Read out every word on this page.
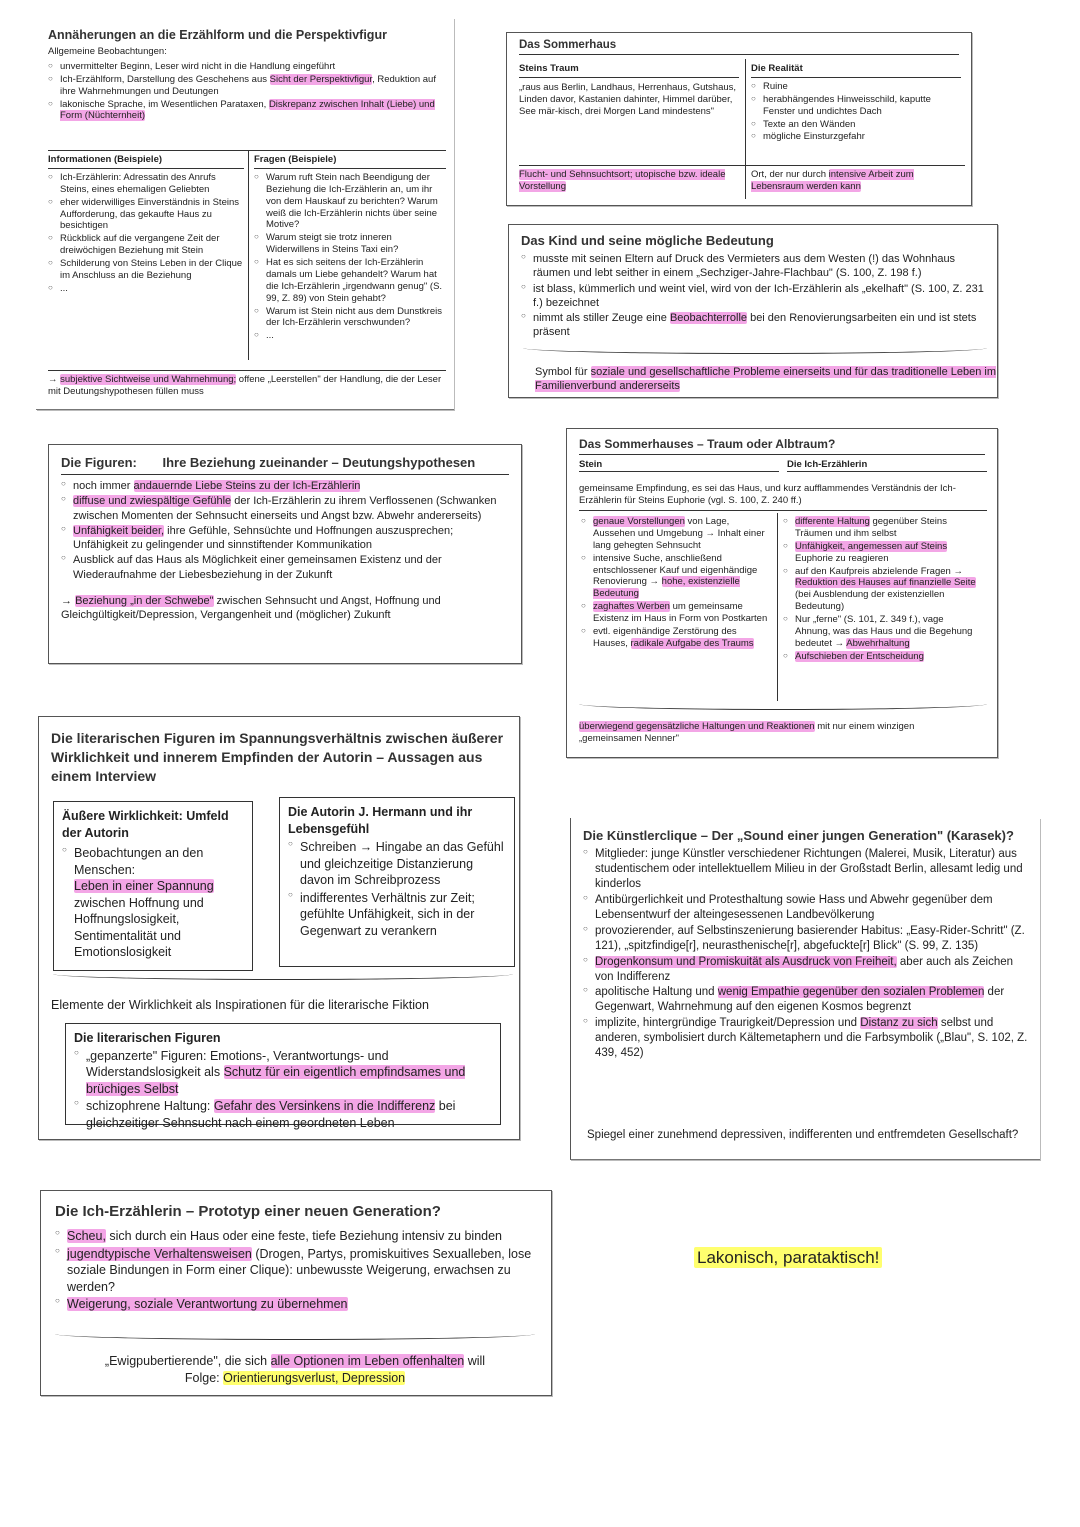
Annäherungen an die Erzählform und die Perspektivfigur
Allgemeine Beobachtungen:
○ unvermittelter Beginn, Leser wird nicht in die Handlung eingeführt
○ Ich-Erzählform, Darstellung des Geschehens aus Sicht der Perspektivfigur, Reduktion auf ihre Wahrnehmungen und Deutungen
○ lakonische Sprache, im Wesentlichen Parataxen, Diskrepanz zwischen Inhalt (Liebe) und Form (Nüchternheit)
Informationen (Beispiele)
○ Ich-Erzählerin: Adressatin des Anrufs Steins, eines ehemaligen Geliebten
○ eher widerwilliges Einverständnis in Steins Aufforderung, das gekaufte Haus zu besichtigen
○ Rückblick auf die vergangene Zeit der dreiwöchigen Beziehung mit Stein
○ Schilderung von Steins Leben in der Clique im Anschluss an die Beziehung
○ ...
Fragen (Beispiele)
○ Warum ruft Stein nach Beendigung der Beziehung die Ich-Erzählerin an, um ihr von dem Hauskauf zu berichten? Warum weiß die Ich-Erzählerin nichts über seine Motive?
○ Warum steigt sie trotz inneren Widerwillens in Steins Taxi ein?
○ Hat es sich seitens der Ich-Erzählerin damals um Liebe gehandelt? Warum hat die Ich-Erzählerin „irgendwann genug" (S. 99, Z. 89) von Stein gehabt?
○ Warum ist Stein nicht aus dem Dunstkreis der Ich-Erzählerin verschwunden?
○ ...
→ subjektive Sichtweise und Wahrnehmung; offene „Leerstellen" der Handlung, die der Leser mit Deutungshypothesen füllen muss
Das Sommerhaus
Steins Traum
„raus aus Berlin, Landhaus, Herrenhaus, Gutshaus, Linden davor, Kastanien dahinter, Himmel darüber, See mär-kisch, drei Morgen Land mindestens"
Die Realität
○ Ruine
○ herabhängendes Hinweisschild, kaputte Fenster und undichtes Dach
○ Texte an den Wänden
○ mögliche Einsturzgefahr
Flucht- und Sehnsuchtsort; utopische bzw. ideale Vorstellung
Ort, der nur durch intensive Arbeit zum Lebensraum werden kann
Das Kind und seine mögliche Bedeutung
○ musste mit seinen Eltern auf Druck des Vermieters aus dem Westen (!) das Wohnhaus räumen und lebt seither in einem „Sechziger-Jahre-Flachbau" (S. 100, Z. 198 f.)
○ ist blass, kümmerlich und weint viel, wird von der Ich-Erzählerin als „ekelhaft" (S. 100, Z. 231 f.) bezeichnet
○ nimmt als stiller Zeuge eine Beobachterrolle bei den Renovierungsarbeiten ein und ist stets präsent
Symbol für soziale und gesellschaftliche Probleme einerseits und für das traditionelle Leben im Familienverbund andererseits
Die Figuren: Ihre Beziehung zueinander – Deutungshypothesen
○ noch immer andauernde Liebe Steins zu der Ich-Erzählerin
○ diffuse und zwiespältige Gefühle der Ich-Erzählerin zu ihrem Verflossenen (Schwanken zwischen Momenten der Sehnsucht einerseits und Angst bzw. Abwehr andererseits)
○ Unfähigkeit beider, ihre Gefühle, Sehnsüchte und Hoffnungen auszusprechen; Unfähigkeit zu gelingender und sinnstiftender Kommunikation
○ Ausblick auf das Haus als Möglichkeit einer gemeinsamen Existenz und der Wiederaufnahme der Liebesbeziehung in der Zukunft
→ Beziehung „in der Schwebe" zwischen Sehnsucht und Angst, Hoffnung und Gleichgültigkeit/Depression, Vergangenheit und (möglicher) Zukunft
Das Sommerhauses – Traum oder Albtraum?
Stein	Die Ich-Erzählerin
gemeinsame Empfindung, es sei das Haus, und kurz aufflammendes Verständnis der Ich-Erzählerin für Steins Euphorie (vgl. S. 100, Z. 240 ff.)
○ genaue Vorstellungen von Lage, Aussehen und Umgebung → Inhalt einer lang gehegten Sehnsucht
○ intensive Suche, anschließend entschlossener Kauf und eigenhändige Renovierung → hohe, existenzielle Bedeutung
○ zaghaftes Werben um gemeinsame Existenz im Haus in Form von Postkarten
○ evtl. eigenhändige Zerstörung des Hauses, radikale Aufgabe des Traums
○ differente Haltung gegenüber Steins Träumen und ihm selbst
○ Unfähigkeit, angemessen auf Steins Euphorie zu reagieren
○ auf den Kaufpreis abzielende Fragen → Reduktion des Hauses auf finanzielle Seite (bei Ausblendung der existenziellen Bedeutung)
○ Nur „ferne" (S. 101, Z. 349 f.), vage Ahnung, was das Haus und die Begehung bedeutet → Abwehrhaltung
○ Aufschieben der Entscheidung
überwiegend gegensätzliche Haltungen und Reaktionen mit nur einem winzigen „gemeinsamen Nenner"
Die literarischen Figuren im Spannungsverhältnis zwischen äußerer Wirklichkeit und innerem Empfinden der Autorin – Aussagen aus einem Interview
Äußere Wirklichkeit: Umfeld der Autorin
○ Beobachtungen an den Menschen:
Leben in einer Spannung zwischen Hoffnung und Hoffnungslosigkeit, Sentimentalität und Emotionslosigkeit
Die Autorin J. Hermann und ihr Lebensgefühl
○ Schreiben → Hingabe an das Gefühl und gleichzeitige Distanzierung davon im Schreibprozess
○ indifferentes Verhältnis zur Zeit; gefühlte Unfähigkeit, sich in der Gegenwart zu verankern
Elemente der Wirklichkeit als Inspirationen für die literarische Fiktion
Die literarischen Figuren
○ „gepanzerte" Figuren: Emotions-, Verantwortungs- und Widerstandslosigkeit als Schutz für ein eigentlich empfindsames und brüchiges Selbst
○ schizophrene Haltung: Gefahr des Versinkens in die Indifferenz bei gleichzeitiger Sehnsucht nach einem geordneten Leben
Die Künstlerclique – Der „Sound einer jungen Generation" (Karasek)?
○ Mitglieder: junge Künstler verschiedener Richtungen (Malerei, Musik, Literatur) aus studentischem oder intellektuellem Milieu in der Großstadt Berlin, allesamt ledig und kinderlos
○ Antibürgerlichkeit und Protesthaltung sowie Hass und Abwehr gegenüber dem Lebensentwurf der alteingesessenen Landbevölkerung
○ provozierender, auf Selbstinszenierung basierender Habitus: „Easy-Rider-Schritt" (Z. 121), „spitzfindige[r], neurasthenische[r], abgefuckte[r] Blick" (S. 99, Z. 135)
○ Drogenkonsum und Promiskuität als Ausdruck von Freiheit, aber auch als Zeichen von Indifferenz
○ apolitische Haltung und wenig Empathie gegenüber den sozialen Problemen der Gegenwart, Wahrnehmung auf den eigenen Kosmos begrenzt
○ implizite, hintergründige Traurigkeit/Depression und Distanz zu sich selbst und anderen, symbolisiert durch Kältemetaphern und die Farbsymbolik („Blau", S. 102, Z. 439, 452)
Spiegel einer zunehmend depressiven, indifferenten und entfremdeten Gesellschaft?
Die Ich-Erzählerin – Prototyp einer neuen Generation?
○ Scheu, sich durch ein Haus oder eine feste, tiefe Beziehung intensiv zu binden
○ jugendtypische Verhaltensweisen (Drogen, Partys, promiskuitives Sexualleben, lose soziale Bindungen in Form einer Clique): unbewusste Weigerung, erwachsen zu werden?
○ Weigerung, soziale Verantwortung zu übernehmen
„Ewigpubertierende", die sich alle Optionen im Leben offenhalten will
Folge: Orientierungsverlust, Depression
Lakonisch, parataktisch!
